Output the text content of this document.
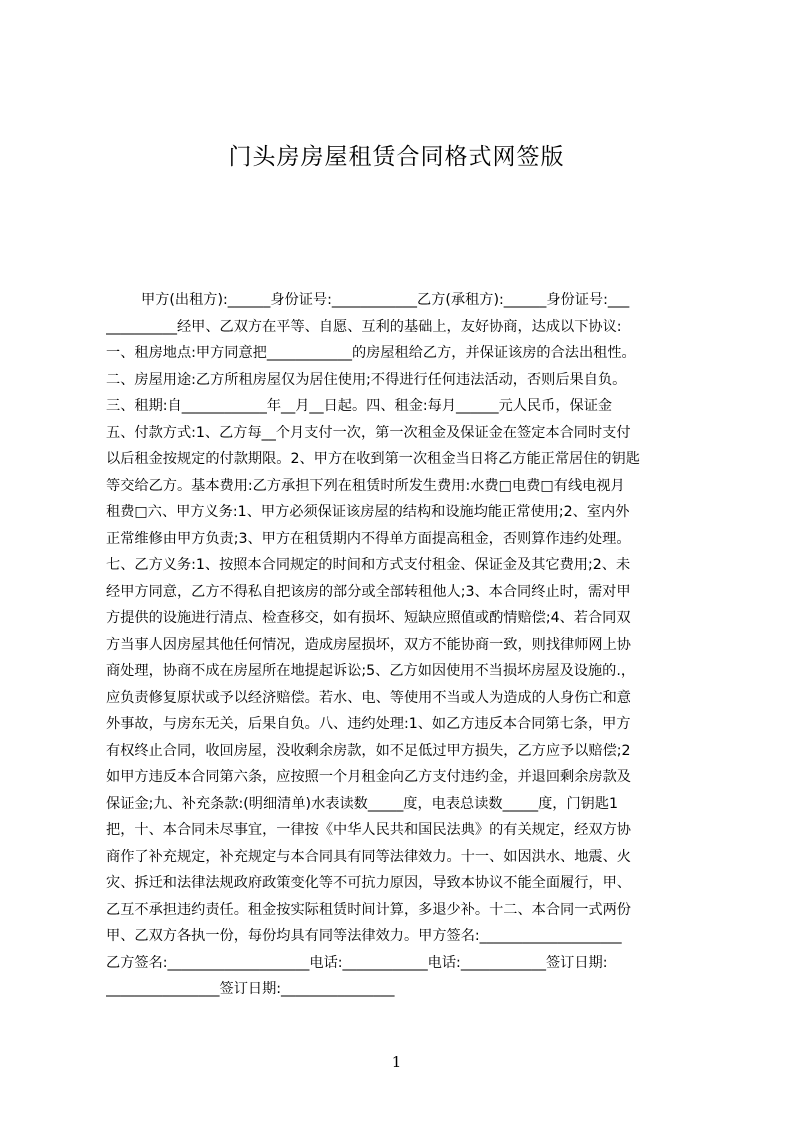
门头房房屋租赁合同格式网签版
甲方(出租方):______身份证号:____________乙方(承租方):______身份证号:___
__________经甲、乙双方在平等、自愿、互利的基础上，友好协商，达成以下协议:
一、租房地点:甲方同意把____________的房屋租给乙方，并保证该房的合法出租性。
二、房屋用途:乙方所租房屋仅为居住使用;不得进行任何违法活动，否则后果自负。
三、租期:自____________年__月__日起。四、租金:每月______元人民币，保证金
五、付款方式:1、乙方每__个月支付一次，第一次租金及保证金在签定本合同时支付
以后租金按规定的付款期限。2、甲方在收到第一次租金当日将乙方能正常居住的钥匙
等交给乙方。基本费用:乙方承担下列在租赁时所发生费用:水费□电费□有线电视月
租费□六、甲方义务:1、甲方必须保证该房屋的结构和设施均能正常使用;2、室内外
正常维修由甲方负责;3、甲方在租赁期内不得单方面提高租金，否则算作违约处理。
七、乙方义务:1、按照本合同规定的时间和方式支付租金、保证金及其它费用;2、未
经甲方同意，乙方不得私自把该房的部分或全部转租他人;3、本合同终止时，需对甲
方提供的设施进行清点、检查移交，如有损坏、短缺应照值或酌情赔偿;4、若合同双
方当事人因房屋其他任何情况，造成房屋损坏，双方不能协商一致，则找律师网上协
商处理，协商不成在房屋所在地提起诉讼;5、乙方如因使用不当损坏房屋及设施的.，
应负责修复原状或予以经济赔偿。若水、电、等使用不当或人为造成的人身伤亡和意
外事故，与房东无关，后果自负。八、违约处理:1、如乙方违反本合同第七条，甲方
有权终止合同，收回房屋，没收剩余房款，如不足低过甲方损失，乙方应予以赔偿;2
如甲方违反本合同第六条，应按照一个月租金向乙方支付违约金，并退回剩余房款及
保证金;九、补充条款:(明细清单)水表读数_____度，电表总读数_____度，门钥匙1
把，十、本合同未尽事宜，一律按《中华人民共和国民法典》的有关规定，经双方协
商作了补充规定，补充规定与本合同具有同等法律效力。十一、如因洪水、地震、火
灾、拆迁和法律法规政府政策变化等不可抗力原因，导致本协议不能全面履行，甲、
乙互不承担违约责任。租金按实际租赁时间计算，多退少补。十二、本合同一式两份
甲、乙双方各执一份，每份均具有同等法律效力。甲方签名:____________________
乙方签名:____________________电话:____________电话:____________签订日期:
________________签订日期:________________
1
